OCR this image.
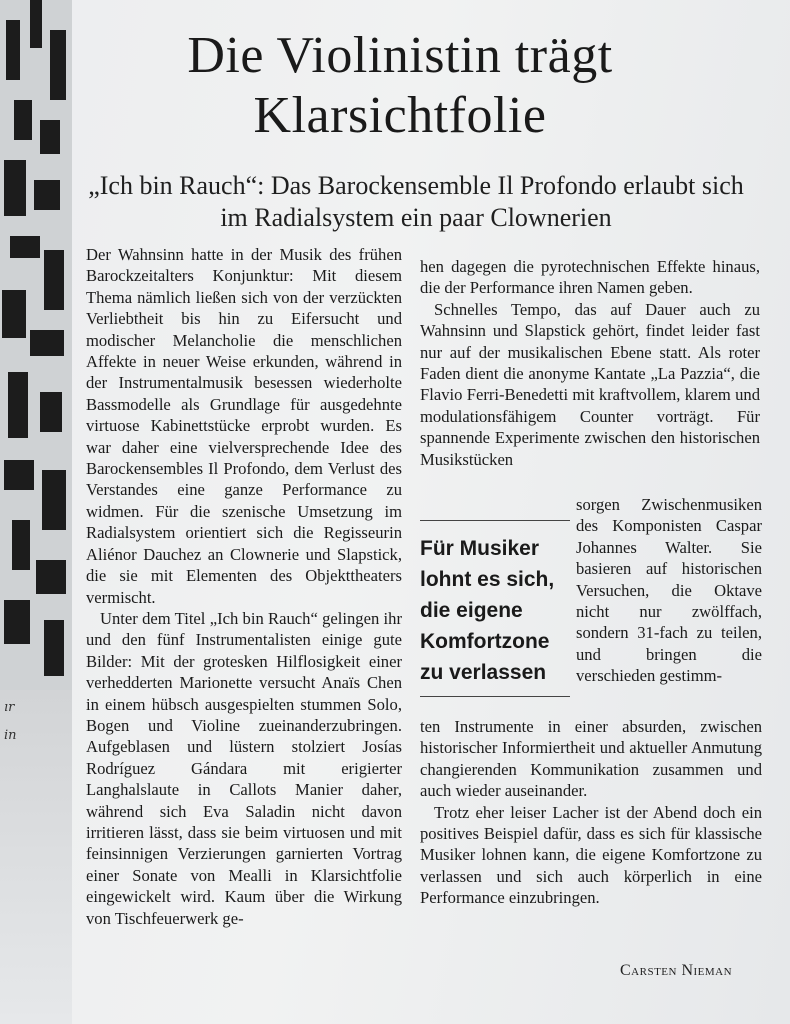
ır
in
Die Violinistin trägt Klarsichtfolie
„Ich bin Rauch“: Das Barockensemble Il Profondo erlaubt sich im Radialsystem ein paar Clownerien

Der Wahnsinn hatte in der Musik des frühen Barockzeitalters Konjunktur: Mit diesem Thema nämlich ließen sich von der verzückten Verliebtheit bis hin zu Eifersucht und modischer Melancholie die menschlichen Affekte in neuer Weise erkunden, während in der Instrumentalmusik besessen wiederholte Bassmodelle als Grundlage für ausgedehnte virtuose Kabinettstücke erprobt wurden. Es war daher eine vielversprechende Idee des Barockensembles Il Profondo, dem Verlust des Verstandes eine ganze Performance zu widmen. Für die szenische Umsetzung im Radialsystem orientiert sich die Regisseurin Aliénor Dauchez an Clownerie und Slapstick, die sie mit Elementen des Objekttheaters vermischt.

Unter dem Titel „Ich bin Rauch“ gelingen ihr und den fünf Instrumentalisten einige gute Bilder: Mit der grotesken Hilflosigkeit einer verhedderten Marionette versucht Anaïs Chen in einem hübsch ausgespielten stummen Solo, Bogen und Violine zueinanderzubringen. Aufgeblasen und lüstern stolziert Josías Rodríguez Gándara mit erigierter Langhalslaute in Callots Manier daher, während sich Eva Saladin nicht davon irritieren lässt, dass sie beim virtuosen und mit feinsinnigen Verzierungen garnierten Vortrag einer Sonate von Mealli in Klarsichtfolie eingewickelt wird. Kaum über die Wirkung von Tischfeuerwerk ge-

hen dagegen die pyrotechnischen Effekte hinaus, die der Performance ihren Namen geben.

Schnelles Tempo, das auf Dauer auch zu Wahnsinn und Slapstick gehört, findet leider fast nur auf der musikalischen Ebene statt. Als roter Faden dient die anonyme Kantate „La Pazzia“, die Flavio Ferri-Benedetti mit kraftvollem, klarem und modulationsfähigem Counter vorträgt. Für spannende Experimente zwischen den historischen Musikstücken

Für Musiker
lohnt es sich,
die eigene
Komfortzone
zu verlassen

sorgen Zwischenmusiken des Komponisten Caspar Johannes Walter. Sie basieren auf historischen Versuchen, die Oktave nicht nur zwölffach, sondern 31-fach zu teilen, und bringen die verschieden gestimm-

ten Instrumente in einer absurden, zwischen historischer Informiertheit und aktueller Anmutung changierenden Kommunikation zusammen und auch wieder auseinander.

Trotz eher leiser Lacher ist der Abend doch ein positives Beispiel dafür, dass es sich für klassische Musiker lohnen kann, die eigene Komfortzone zu verlassen und sich auch körperlich in eine Performance einzubringen.

Carsten Nieman
